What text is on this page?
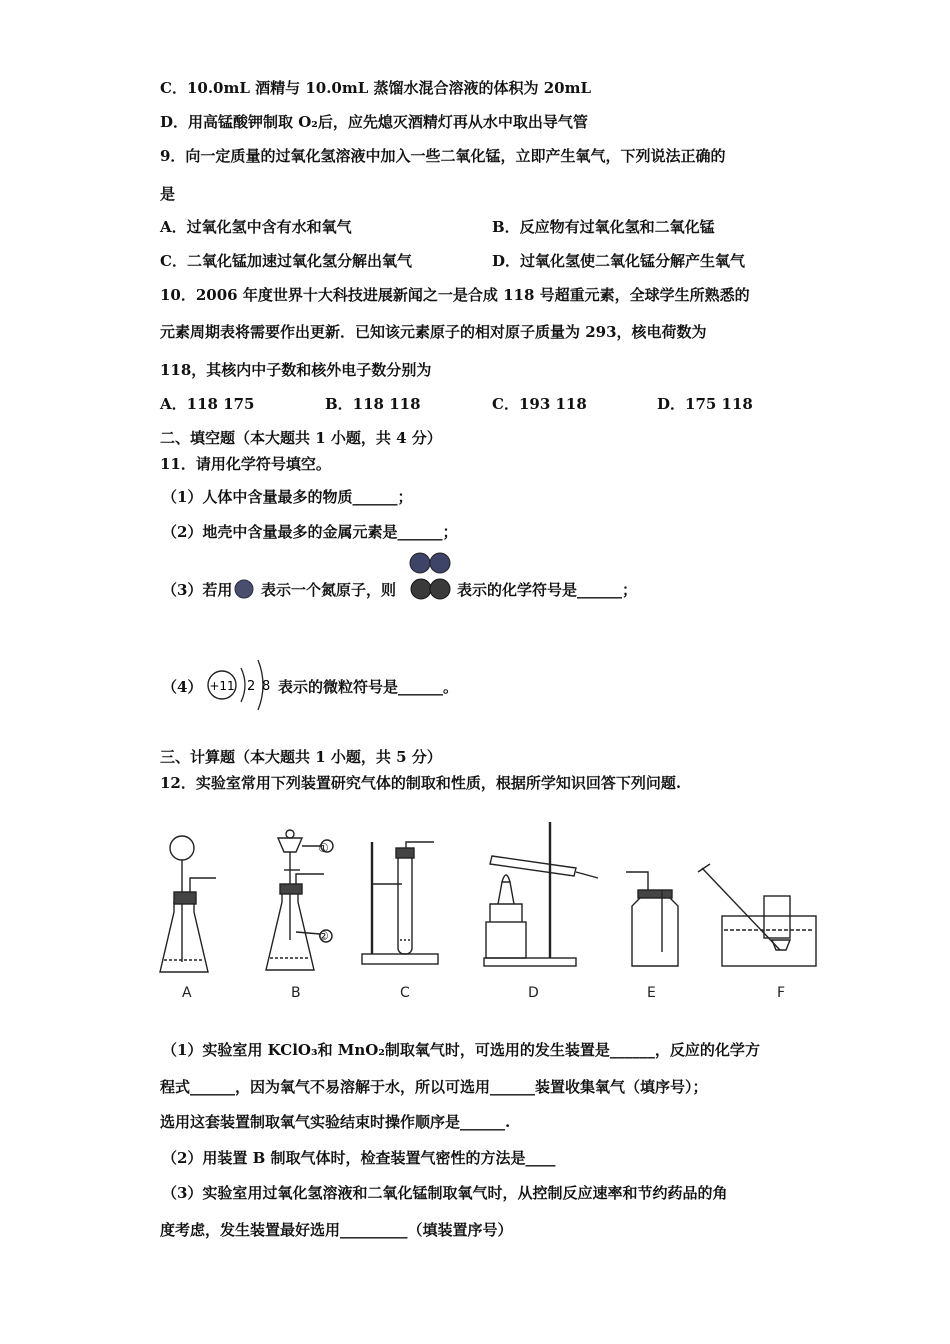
C．10.0mL 酒精与 10.0mL 蒸馏水混合溶液的体积为 20mL
D．用高锰酸钾制取 O₂后，应先熄灭酒精灯再从水中取出导气管
9．向一定质量的过氧化氢溶液中加入一些二氧化锰，立即产生氧气，下列说法正确的
是
A．过氧化氢中含有水和氧气	B．反应物有过氧化氢和二氧化锰
C．二氧化锰加速过氧化氢分解出氧气	D．过氧化氢使二氧化锰分解产生氧气
10．2006 年度世界十大科技进展新闻之一是合成 118 号超重元素，全球学生所熟悉的
元素周期表将需要作出更新．已知该元素原子的相对原子质量为 293，核电荷数为
118，其核内中子数和核外电子数分别为
A．118 175	B．118 118	C．193 118	D．175 118
二、填空题（本大题共 1 小题，共 4 分）
11．请用化学符号填空。
（1）人体中含量最多的物质______；
（2）地壳中含量最多的金属元素是______；
（3）若用 表示一个氮原子，则	表示的化学符号是______；
（4） +11 2 8 表示的微粒符号是______。
三、计算题（本大题共 1 小题，共 5 分）
12．实验室常用下列装置研究气体的制取和性质，根据所学知识回答下列问题.
①
②
A	B	C	D	E	F
（1）实验室用 KClO₃和 MnO₂制取氧气时，可选用的发生装置是______，反应的化学方
程式______，因为氧气不易溶解于水，所以可选用______装置收集氧气（填序号）；
选用这套装置制取氧气实验结束时操作顺序是______.
（2）用装置 B 制取气体时，检查装置气密性的方法是____
（3）实验室用过氧化氢溶液和二氧化锰制取氧气时，从控制反应速率和节约药品的角
度考虑，发生装置最好选用_________（填装置序号）
